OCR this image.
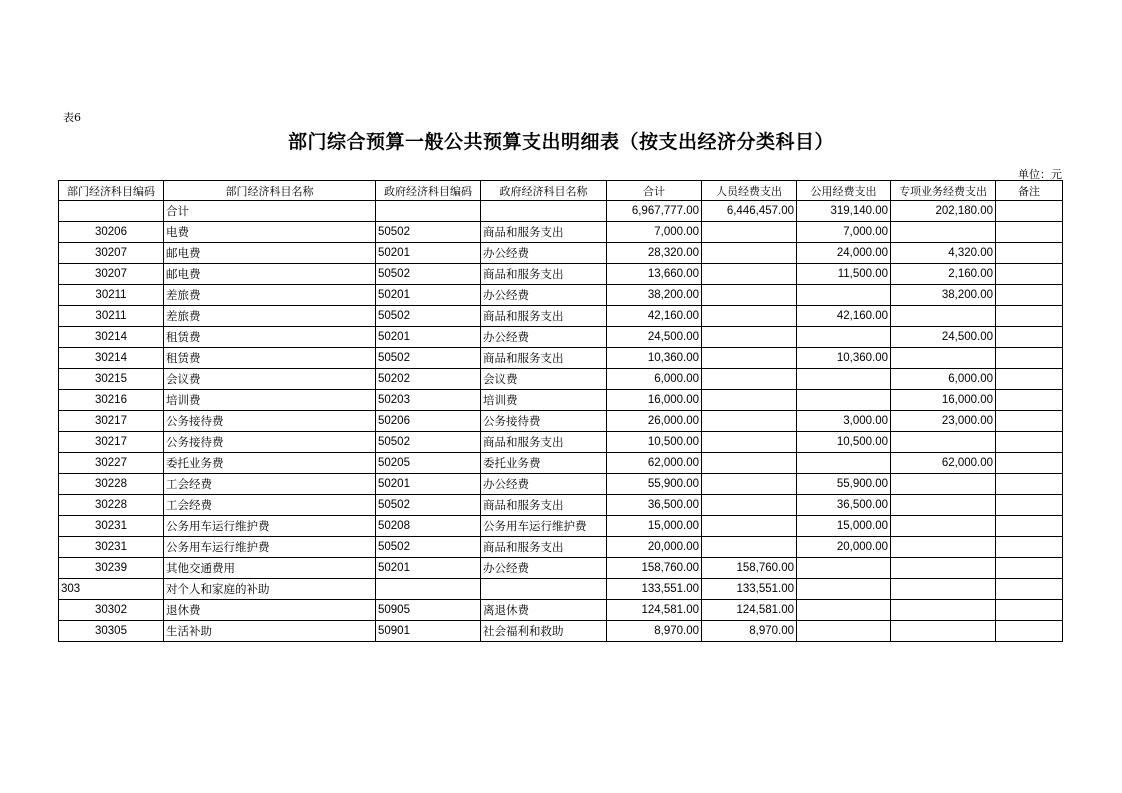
表6
部门综合预算一般公共预算支出明细表（按支出经济分类科目）
单位：元
部门经济科目编码	部门经济科目名称	政府经济科目编码	政府经济科目名称	合计	人员经费支出	公用经费支出	专项业务经费支出	备注
	合计			6,967,777.00	6,446,457.00	319,140.00	202,180.00	
30206	电费	50502	商品和服务支出	7,000.00		7,000.00		
30207	邮电费	50201	办公经费	28,320.00		24,000.00	4,320.00	
30207	邮电费	50502	商品和服务支出	13,660.00		11,500.00	2,160.00	
30211	差旅费	50201	办公经费	38,200.00			38,200.00	
30211	差旅费	50502	商品和服务支出	42,160.00		42,160.00		
30214	租赁费	50201	办公经费	24,500.00			24,500.00	
30214	租赁费	50502	商品和服务支出	10,360.00		10,360.00		
30215	会议费	50202	会议费	6,000.00			6,000.00	
30216	培训费	50203	培训费	16,000.00			16,000.00	
30217	公务接待费	50206	公务接待费	26,000.00		3,000.00	23,000.00	
30217	公务接待费	50502	商品和服务支出	10,500.00		10,500.00		
30227	委托业务费	50205	委托业务费	62,000.00			62,000.00	
30228	工会经费	50201	办公经费	55,900.00		55,900.00		
30228	工会经费	50502	商品和服务支出	36,500.00		36,500.00		
30231	公务用车运行维护费	50208	公务用车运行维护费	15,000.00		15,000.00		
30231	公务用车运行维护费	50502	商品和服务支出	20,000.00		20,000.00		
30239	其他交通费用	50201	办公经费	158,760.00	158,760.00			
303	对个人和家庭的补助			133,551.00	133,551.00			
30302	退休费	50905	离退休费	124,581.00	124,581.00			
30305	生活补助	50901	社会福利和救助	8,970.00	8,970.00			
